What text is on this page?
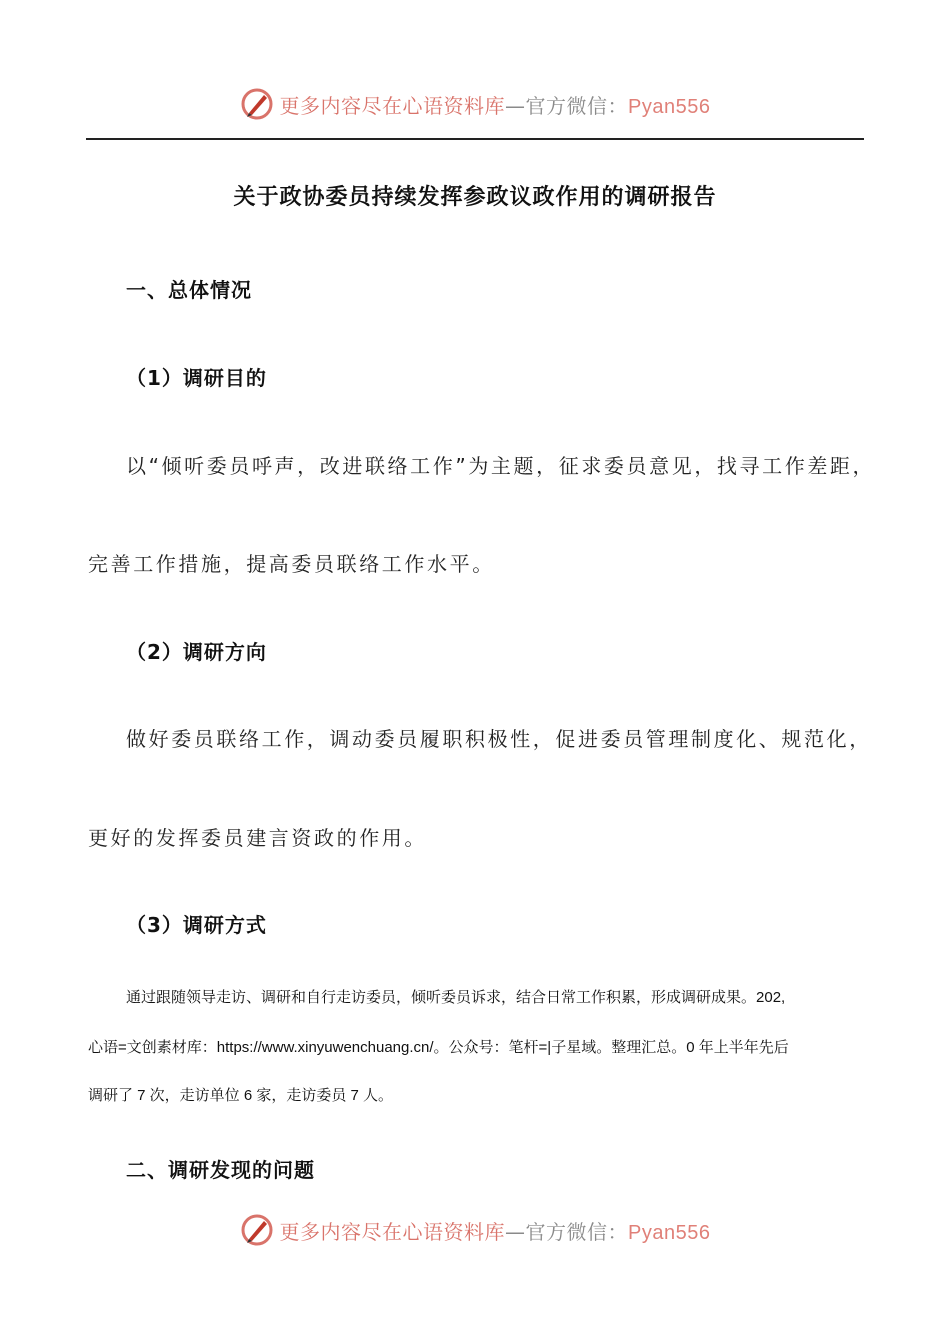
更多内容尽在心语资料库—官方微信：Pyan556
关于政协委员持续发挥参政议政作用的调研报告
一、总体情况
（1）调研目的
以“倾听委员呼声，改进联络工作”为主题，征求委员意见，找寻工作差距，
完善工作措施，提高委员联络工作水平。
（2）调研方向
做好委员联络工作，调动委员履职积极性，促进委员管理制度化、规范化，
更好的发挥委员建言资政的作用。
（3）调研方式
通过跟随领导走访、调研和自行走访委员，倾听委员诉求，结合日常工作积累，形成调研成果。202,
心语=文创素材库：https://www.xinyuwenchuang.cn/。公众号：笔杆=|子星域。整理汇总。0 年上半年先后
调研了 7 次，走访单位 6 家，走访委员 7 人。
二、调研发现的问题
更多内容尽在心语资料库—官方微信：Pyan556
